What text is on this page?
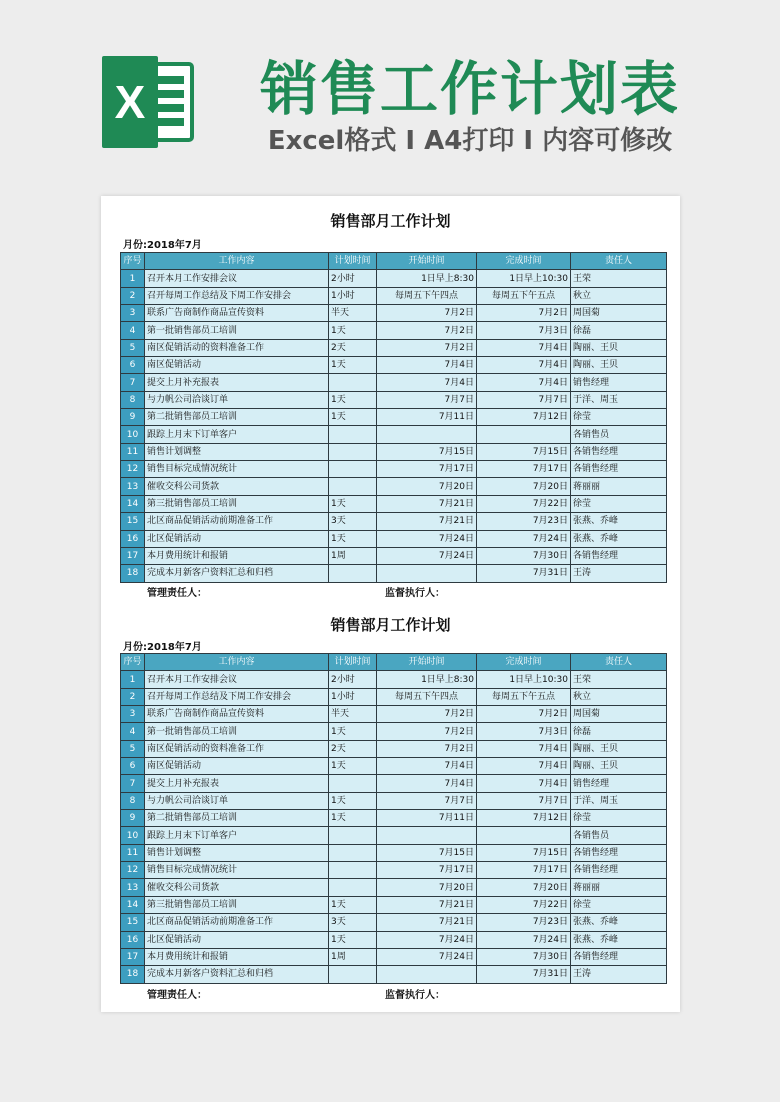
X	销售工作计划表
Excel格式 I A4打印 I 内容可修改
销售部月工作计划
月份:2018年7月
序号	工作内容	计划时间	开始时间	完成时间	责任人
1	召开本月工作安排会议	2小时	1日早上8:30	1日早上10:30	王荣
2	召开每周工作总结及下周工作安排会	1小时	每周五下午四点	每周五下午五点	秋立
3	联系广告商制作商品宣传资料	半天	7月2日	7月2日	周国菊
4	第一批销售部员工培训	1天	7月2日	7月3日	徐磊
5	南区促销活动的资料准备工作	2天	7月2日	7月4日	陶丽、王贝
6	南区促销活动	1天	7月4日	7月4日	陶丽、王贝
7	提交上月补充报表		7月4日	7月4日	销售经理
8	与力帆公司洽谈订单	1天	7月7日	7月7日	于洋、周玉
9	第二批销售部员工培训	1天	7月11日	7月12日	徐莹
10	跟踪上月末下订单客户				各销售员
11	销售计划调整		7月15日	7月15日	各销售经理
12	销售目标完成情况统计		7月17日	7月17日	各销售经理
13	催收交科公司货款		7月20日	7月20日	蒋丽丽
14	第三批销售部员工培训	1天	7月21日	7月22日	徐莹
15	北区商品促销活动前期准备工作	3天	7月21日	7月23日	张燕、乔峰
16	北区促销活动	1天	7月24日	7月24日	张燕、乔峰
17	本月费用统计和报销	1周	7月24日	7月30日	各销售经理
18	完成本月新客户资料汇总和归档			7月31日	王涛
管理责任人：	监督执行人：
销售部月工作计划
月份:2018年7月
序号	工作内容	计划时间	开始时间	完成时间	责任人
1	召开本月工作安排会议	2小时	1日早上8:30	1日早上10:30	王荣
2	召开每周工作总结及下周工作安排会	1小时	每周五下午四点	每周五下午五点	秋立
3	联系广告商制作商品宣传资料	半天	7月2日	7月2日	周国菊
4	第一批销售部员工培训	1天	7月2日	7月3日	徐磊
5	南区促销活动的资料准备工作	2天	7月2日	7月4日	陶丽、王贝
6	南区促销活动	1天	7月4日	7月4日	陶丽、王贝
7	提交上月补充报表		7月4日	7月4日	销售经理
8	与力帆公司洽谈订单	1天	7月7日	7月7日	于洋、周玉
9	第二批销售部员工培训	1天	7月11日	7月12日	徐莹
10	跟踪上月末下订单客户				各销售员
11	销售计划调整		7月15日	7月15日	各销售经理
12	销售目标完成情况统计		7月17日	7月17日	各销售经理
13	催收交科公司货款		7月20日	7月20日	蒋丽丽
14	第三批销售部员工培训	1天	7月21日	7月22日	徐莹
15	北区商品促销活动前期准备工作	3天	7月21日	7月23日	张燕、乔峰
16	北区促销活动	1天	7月24日	7月24日	张燕、乔峰
17	本月费用统计和报销	1周	7月24日	7月30日	各销售经理
18	完成本月新客户资料汇总和归档			7月31日	王涛
管理责任人：	监督执行人：
